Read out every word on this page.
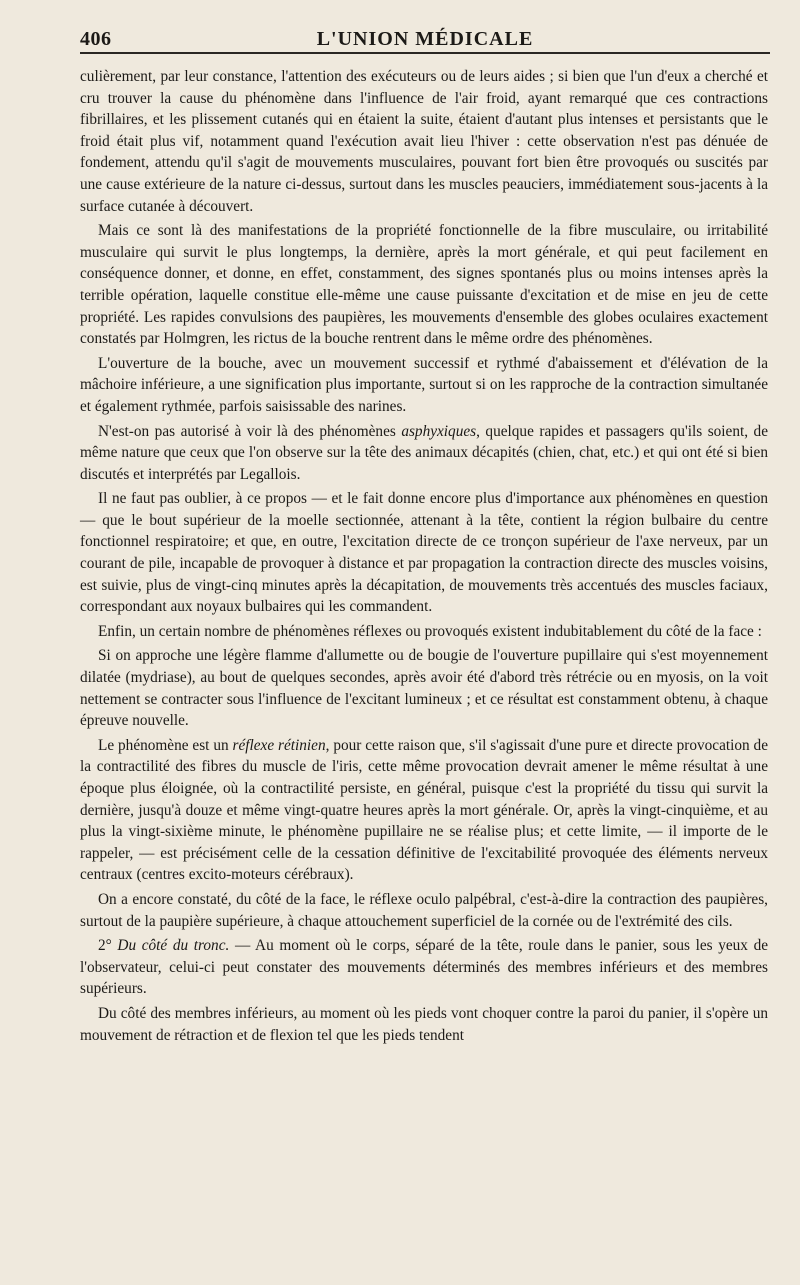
406	L'UNION MÉDICALE

culièrement, par leur constance, l'attention des exécuteurs ou de leurs aides ; si bien que l'un d'eux a cherché et cru trouver la cause du phénomène dans l'influence de l'air froid, ayant remarqué que ces contractions fibrillaires, et les plissement cutanés qui en étaient la suite, étaient d'autant plus intenses et persistants que le froid était plus vif, notamment quand l'exécution avait lieu l'hiver : cette observation n'est pas dénuée de fondement, attendu qu'il s'agit de mouvements musculaires, pouvant fort bien être provoqués ou suscités par une cause extérieure de la nature ci-dessus, surtout dans les muscles peauciers, immédiatement sous-jacents à la surface cutanée à découvert.

Mais ce sont là des manifestations de la propriété fonctionnelle de la fibre musculaire, ou irritabilité musculaire qui survit le plus longtemps, la dernière, après la mort générale, et qui peut facilement en conséquence donner, et donne, en effet, constamment, des signes spontanés plus ou moins intenses après la terrible opération, laquelle constitue elle-même une cause puissante d'excitation et de mise en jeu de cette propriété. Les rapides convulsions des paupières, les mouvements d'ensemble des globes oculaires exactement constatés par Holmgren, les rictus de la bouche rentrent dans le même ordre des phénomènes.

L'ouverture de la bouche, avec un mouvement successif et rythmé d'abaissement et d'élévation de la mâchoire inférieure, a une signification plus importante, surtout si on les rapproche de la contraction simultanée et également rythmée, parfois saisissable des narines.

N'est-on pas autorisé à voir là des phénomènes asphyxiques, quelque rapides et passagers qu'ils soient, de même nature que ceux que l'on observe sur la tête des animaux décapités (chien, chat, etc.) et qui ont été si bien discutés et interprétés par Legallois.

Il ne faut pas oublier, à ce propos — et le fait donne encore plus d'importance aux phénomènes en question — que le bout supérieur de la moelle sectionnée, attenant à la tête, contient la région bulbaire du centre fonctionnel respiratoire; et que, en outre, l'excitation directe de ce tronçon supérieur de l'axe nerveux, par un courant de pile, incapable de provoquer à distance et par propagation la contraction directe des muscles voisins, est suivie, plus de vingt-cinq minutes après la décapitation, de mouvements très accentués des muscles faciaux, correspondant aux noyaux bulbaires qui les commandent.

Enfin, un certain nombre de phénomènes réflexes ou provoqués existent indubitablement du côté de la face :

Si on approche une légère flamme d'allumette ou de bougie de l'ouverture pupillaire qui s'est moyennement dilatée (mydriase), au bout de quelques secondes, après avoir été d'abord très rétrécie ou en myosis, on la voit nettement se contracter sous l'influence de l'excitant lumineux ; et ce résultat est constamment obtenu, à chaque épreuve nouvelle.

Le phénomène est un réflexe rétinien, pour cette raison que, s'il s'agissait d'une pure et directe provocation de la contractilité des fibres du muscle de l'iris, cette même provocation devrait amener le même résultat à une époque plus éloignée, où la contractilité persiste, en général, puisque c'est la propriété du tissu qui survit la dernière, jusqu'à douze et même vingt-quatre heures après la mort générale. Or, après la vingt-cinquième, et au plus la vingt-sixième minute, le phénomène pupillaire ne se réalise plus; et cette limite, — il importe de le rappeler, — est précisément celle de la cessation définitive de l'excitabilité provoquée des éléments nerveux centraux (centres excito-moteurs cérébraux).

On a encore constaté, du côté de la face, le réflexe oculo palpébral, c'est-à-dire la contraction des paupières, surtout de la paupière supérieure, à chaque attouchement superficiel de la cornée ou de l'extrémité des cils.

2° Du côté du tronc. — Au moment où le corps, séparé de la tête, roule dans le panier, sous les yeux de l'observateur, celui-ci peut constater des mouvements déterminés des membres inférieurs et des membres supérieurs.

Du côté des membres inférieurs, au moment où les pieds vont choquer contre la paroi du panier, il s'opère un mouvement de rétraction et de flexion tel que les pieds tendent
